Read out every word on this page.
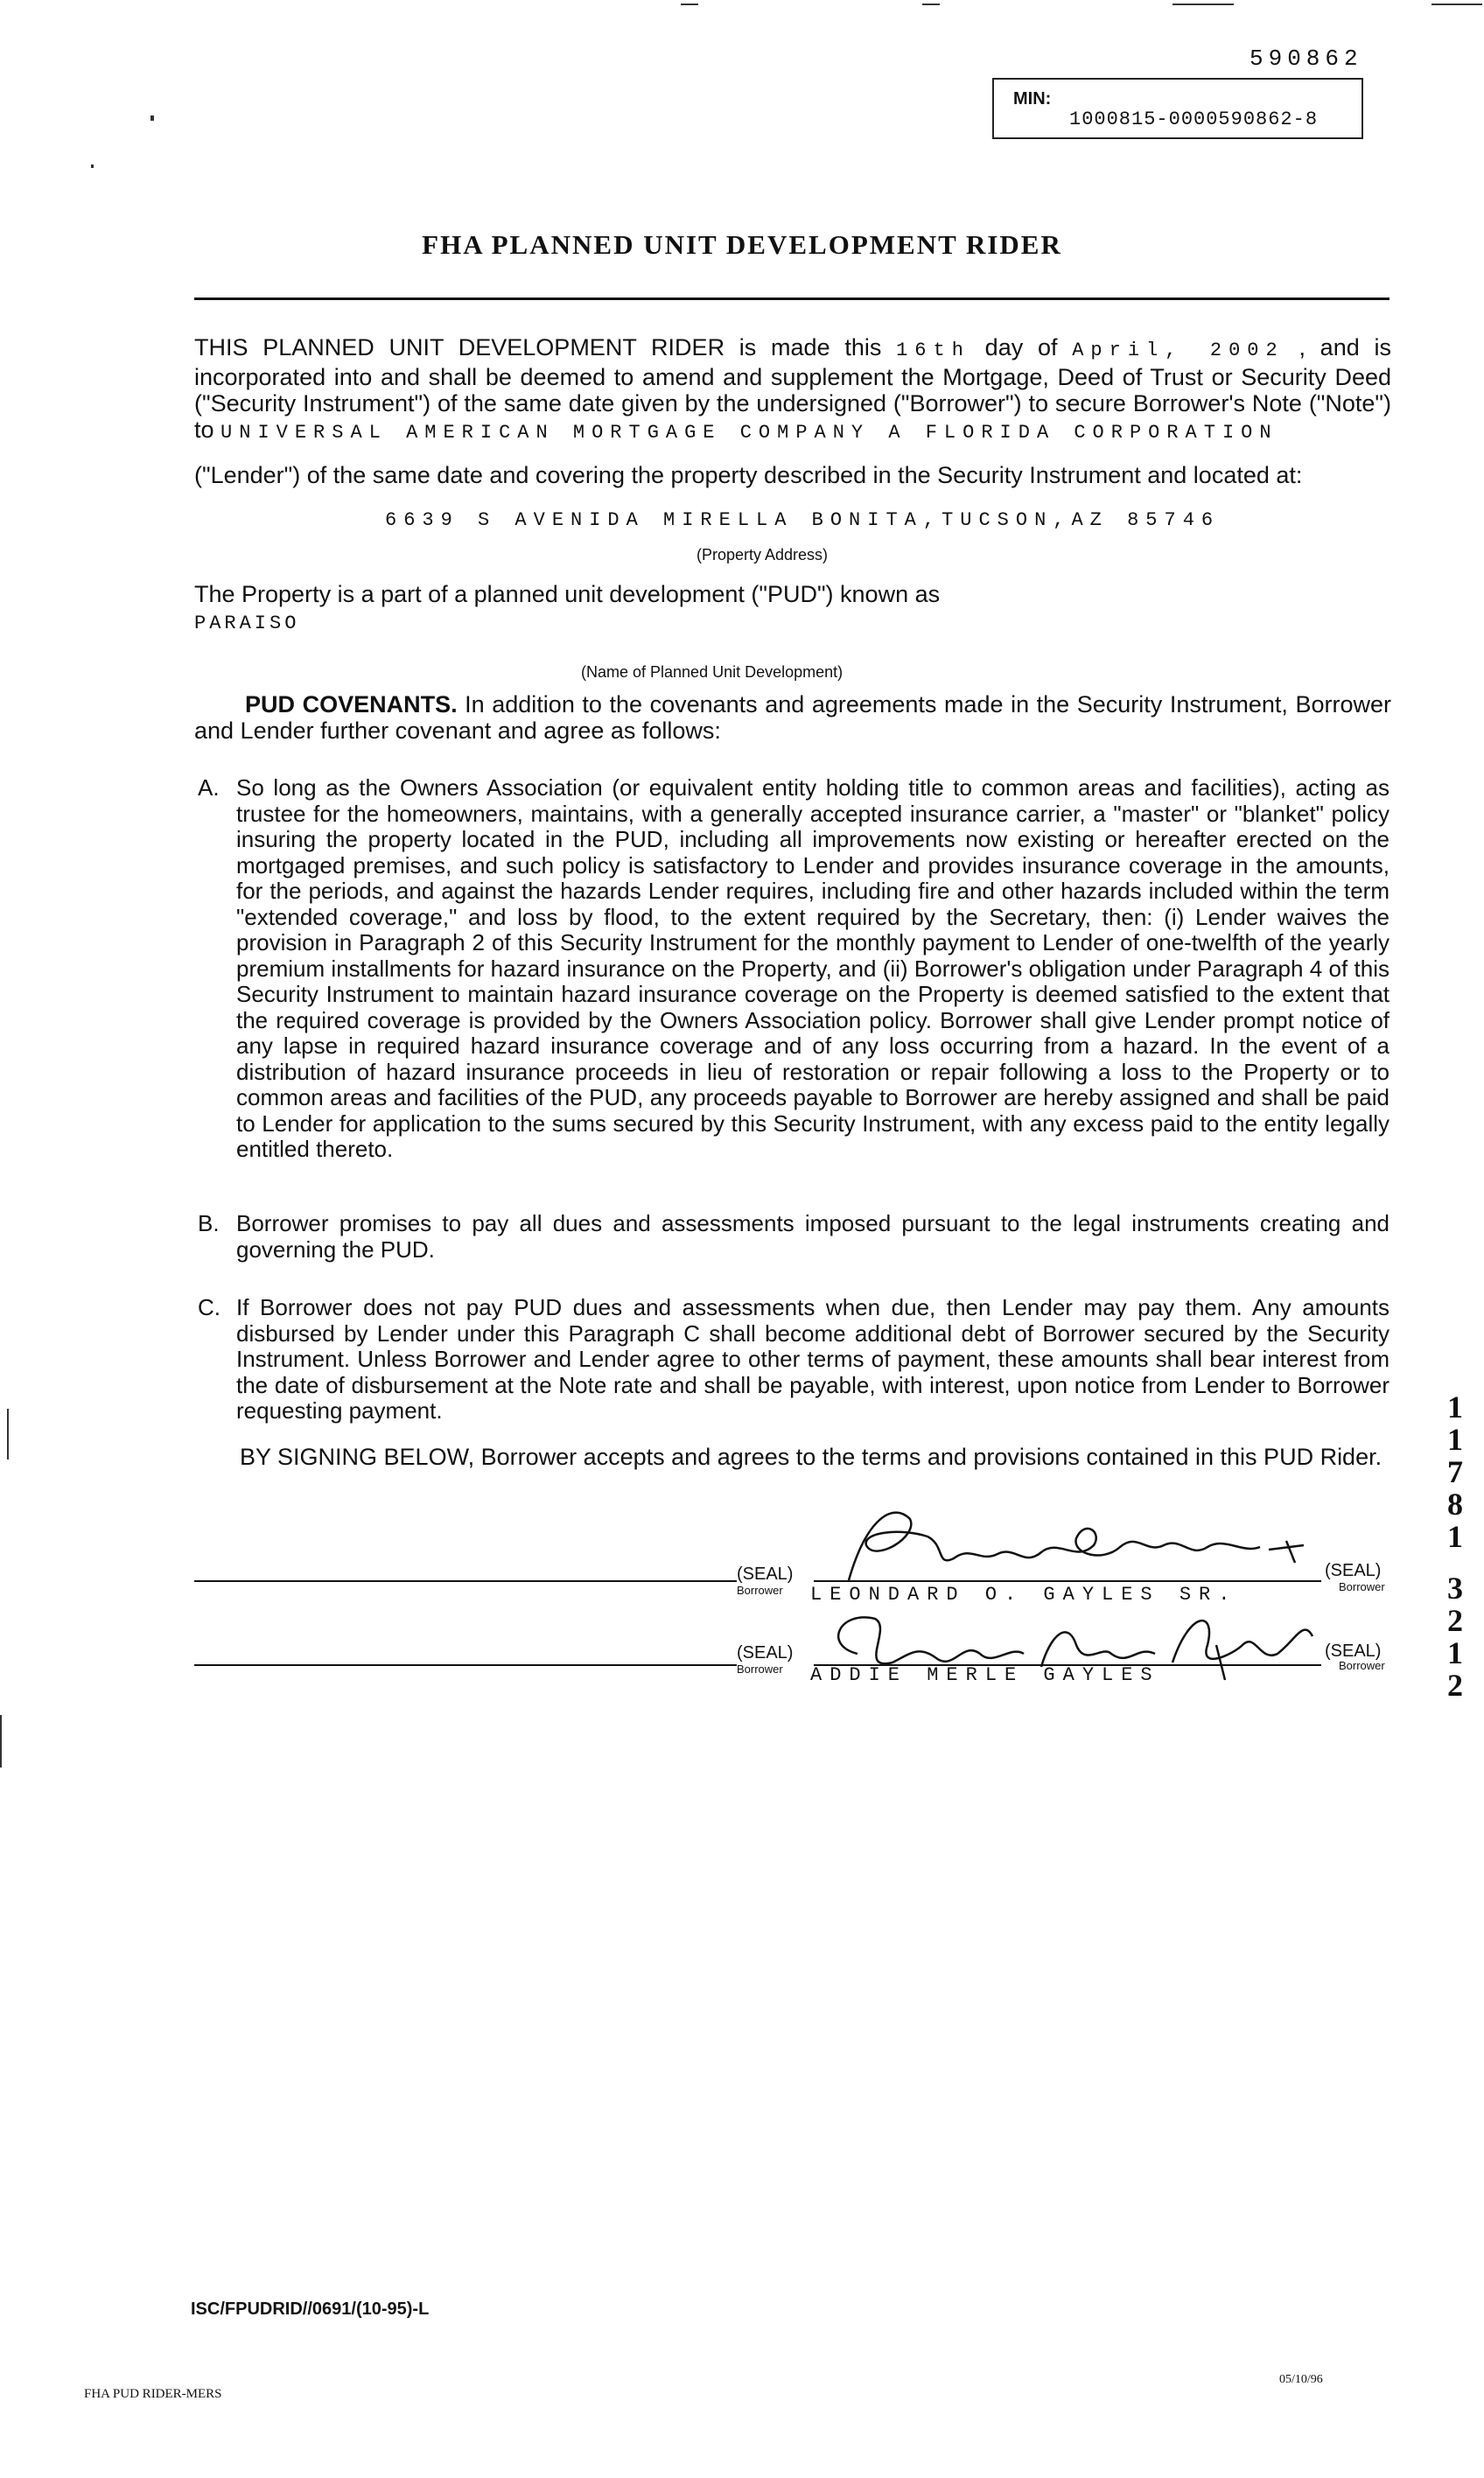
590862
MIN:
1000815-0000590862-8
FHA PLANNED UNIT DEVELOPMENT RIDER
THIS PLANNED UNIT DEVELOPMENT RIDER is made this 16th day of April, 2002 , and is incorporated into and shall be deemed to amend and supplement the Mortgage, Deed of Trust or Security Deed ("Security Instrument") of the same date given by the undersigned ("Borrower") to secure Borrower's Note ("Note") to UNIVERSAL AMERICAN MORTGAGE COMPANY A FLORIDA CORPORATION
("Lender") of the same date and covering the property described in the Security Instrument and located at:
6639 S AVENIDA MIRELLA BONITA,TUCSON,AZ 85746
(Property Address)
The Property is a part of a planned unit development ("PUD") known as
PARAISO
(Name of Planned Unit Development)
PUD COVENANTS. In addition to the covenants and agreements made in the Security Instrument, Borrower and Lender further covenant and agree as follows:
A. So long as the Owners Association (or equivalent entity holding title to common areas and facilities), acting as trustee for the homeowners, maintains, with a generally accepted insurance carrier, a "master" or "blanket" policy insuring the property located in the PUD, including all improvements now existing or hereafter erected on the mortgaged premises, and such policy is satisfactory to Lender and provides insurance coverage in the amounts, for the periods, and against the hazards Lender requires, including fire and other hazards included within the term "extended coverage," and loss by flood, to the extent required by the Secretary, then: (i) Lender waives the provision in Paragraph 2 of this Security Instrument for the monthly payment to Lender of one-twelfth of the yearly premium installments for hazard insurance on the Property, and (ii) Borrower's obligation under Paragraph 4 of this Security Instrument to maintain hazard insurance coverage on the Property is deemed satisfied to the extent that the required coverage is provided by the Owners Association policy. Borrower shall give Lender prompt notice of any lapse in required hazard insurance coverage and of any loss occurring from a hazard. In the event of a distribution of hazard insurance proceeds in lieu of restoration or repair following a loss to the Property or to common areas and facilities of the PUD, any proceeds payable to Borrower are hereby assigned and shall be paid to Lender for application to the sums secured by this Security Instrument, with any excess paid to the entity legally entitled thereto.
B. Borrower promises to pay all dues and assessments imposed pursuant to the legal instruments creating and governing the PUD.
C. If Borrower does not pay PUD dues and assessments when due, then Lender may pay them. Any amounts disbursed by Lender under this Paragraph C shall become additional debt of Borrower secured by the Security Instrument. Unless Borrower and Lender agree to other terms of payment, these amounts shall bear interest from the date of disbursement at the Note rate and shall be payable, with interest, upon notice from Lender to Borrower requesting payment.
BY SIGNING BELOW, Borrower accepts and agrees to the terms and provisions contained in this PUD Rider.
(SEAL)
Borrower
(SEAL)
Borrower
LEONDARD O. GAYLES SR.
(SEAL)
Borrower
(SEAL)
Borrower
ADDIE MERLE GAYLES
1
1
7
8
1
3
2
1
2
ISC/FPUDRID//0691/(10-95)-L
FHA PUD RIDER-MERS
05/10/96
